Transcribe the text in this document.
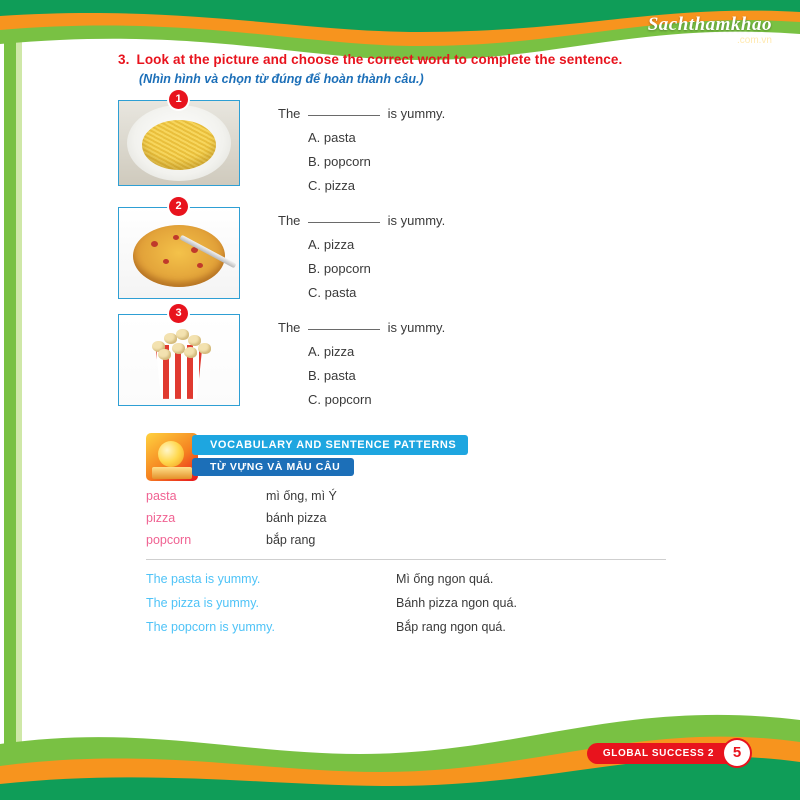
Sachthamkhao
.com.vn
3. Look at the picture and choose the correct word to complete the sentence.
(Nhìn hình và chọn từ đúng để hoàn thành câu.)
1
The	is yummy.
A. pasta
B. popcorn
C. pizza
2
The	is yummy.
A. pizza
B. popcorn
C. pasta
3
The	is yummy.
A. pizza
B. pasta
C. popcorn
VOCABULARY AND SENTENCE PATTERNS
TỪ VỰNG VÀ MẪU CÂU
pasta	mì ống, mì Ý
pizza	bánh pizza
popcorn	bắp rang
The pasta is yummy.	Mì ống ngon quá.
The pizza is yummy.	Bánh pizza ngon quá.
The popcorn is yummy.	Bắp rang ngon quá.
GLOBAL SUCCESS 2	5
